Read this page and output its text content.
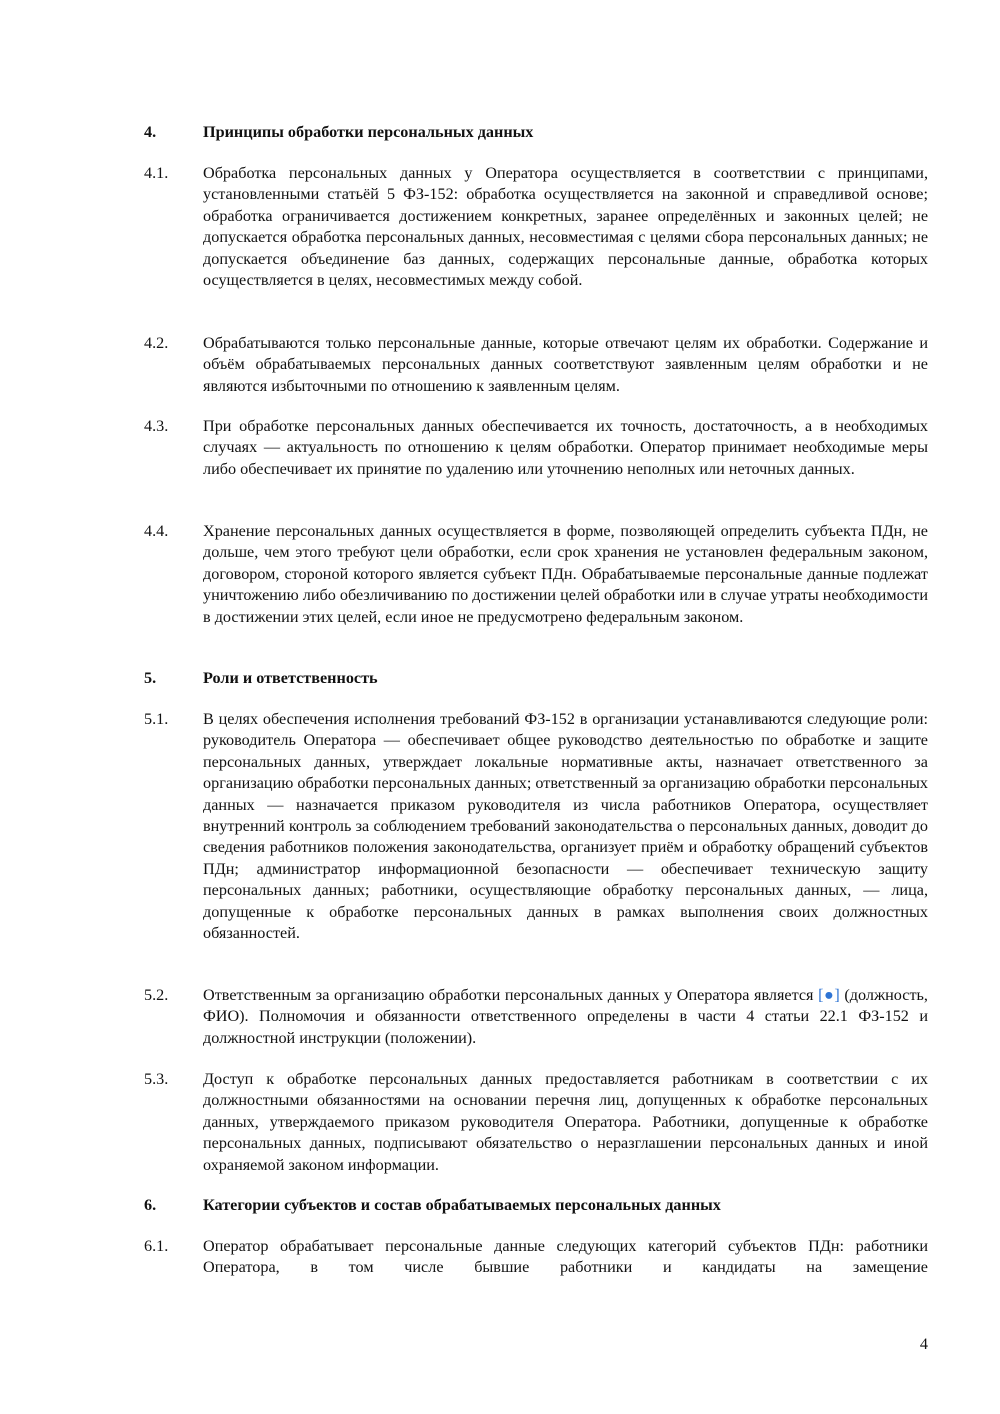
4.	Принципы обработки персональных данных
4.1.	Обработка персональных данных у Оператора осуществляется в соответствии с принципами, установленными статьёй 5 ФЗ-152: обработка осуществляется на законной и справедливой основе; обработка ограничивается достижением конкретных, заранее определённых и законных целей; не допускается обработка персональных данных, несовместимая с целями сбора персональных данных; не допускается объединение баз данных, содержащих персональные данные, обработка которых осуществляется в целях, несовместимых между собой.
4.2.	Обрабатываются только персональные данные, которые отвечают целям их обработки. Содержание и объём обрабатываемых персональных данных соответствуют заявленным целям обработки и не являются избыточными по отношению к заявленным целям.
4.3.	При обработке персональных данных обеспечивается их точность, достаточность, а в необходимых случаях — актуальность по отношению к целям обработки. Оператор принимает необходимые меры либо обеспечивает их принятие по удалению или уточнению неполных или неточных данных.
4.4.	Хранение персональных данных осуществляется в форме, позволяющей определить субъекта ПДн, не дольше, чем этого требуют цели обработки, если срок хранения не установлен федеральным законом, договором, стороной которого является субъект ПДн. Обрабатываемые персональные данные подлежат уничтожению либо обезличиванию по достижении целей обработки или в случае утраты необходимости в достижении этих целей, если иное не предусмотрено федеральным законом.
5.	Роли и ответственность
5.1.	В целях обеспечения исполнения требований ФЗ-152 в организации устанавливаются следующие роли: руководитель Оператора — обеспечивает общее руководство деятельностью по обработке и защите персональных данных, утверждает локальные нормативные акты, назначает ответственного за организацию обработки персональных данных; ответственный за организацию обработки персональных данных — назначается приказом руководителя из числа работников Оператора, осуществляет внутренний контроль за соблюдением требований законодательства о персональных данных, доводит до сведения работников положения законодательства, организует приём и обработку обращений субъектов ПДн; администратор информационной безопасности — обеспечивает техническую защиту персональных данных; работники, осуществляющие обработку персональных данных, — лица, допущенные к обработке персональных данных в рамках выполнения своих должностных обязанностей.
5.2.	Ответственным за организацию обработки персональных данных у Оператора является [●] (должность, ФИО). Полномочия и обязанности ответственного определены в части 4 статьи 22.1 ФЗ-152 и должностной инструкции (положении).
5.3.	Доступ к обработке персональных данных предоставляется работникам в соответствии с их должностными обязанностями на основании перечня лиц, допущенных к обработке персональных данных, утверждаемого приказом руководителя Оператора. Работники, допущенные к обработке персональных данных, подписывают обязательство о неразглашении персональных данных и иной охраняемой законом информации.
6.	Категории субъектов и состав обрабатываемых персональных данных
6.1.	Оператор обрабатывает персональные данные следующих категорий субъектов ПДн: работники Оператора, в том числе бывшие работники и кандидаты на замещение
4
